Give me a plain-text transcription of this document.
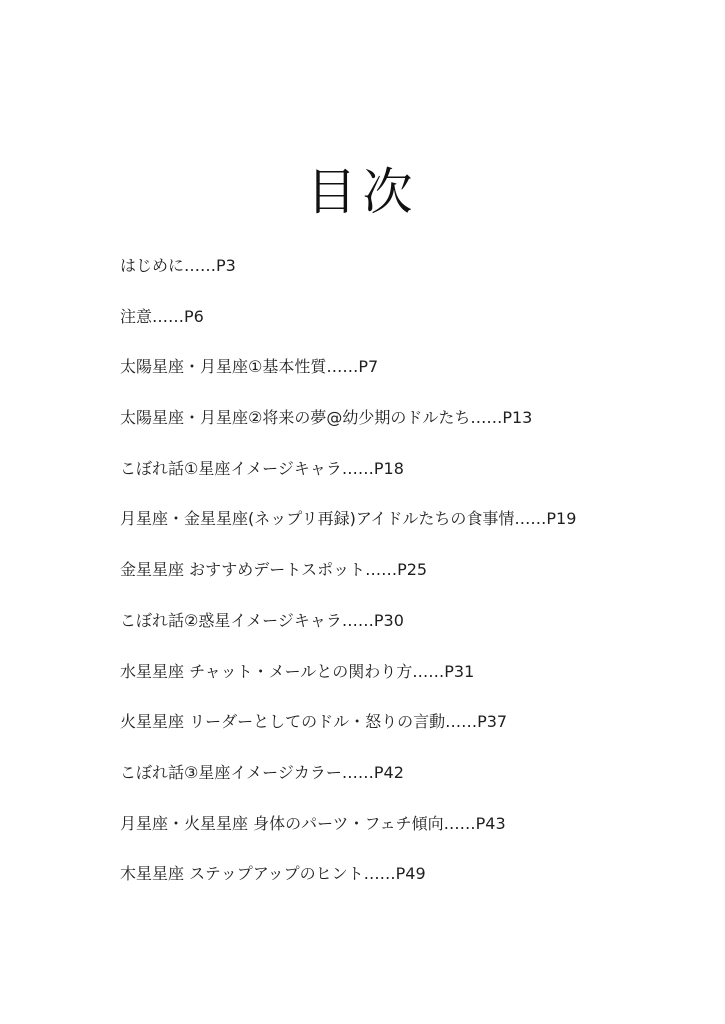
目次
はじめに……P3
注意……P6
太陽星座・月星座①基本性質……P7
太陽星座・月星座②将来の夢@幼少期のドルたち……P13
こぼれ話①星座イメージキャラ……P18
月星座・金星星座(ネップリ再録)アイドルたちの食事情……P19
金星星座 おすすめデートスポット……P25
こぼれ話②惑星イメージキャラ……P30
水星星座 チャット・メールとの関わり方……P31
火星星座 リーダーとしてのドル・怒りの言動……P37
こぼれ話③星座イメージカラー……P42
月星座・火星星座 身体のパーツ・フェチ傾向……P43
木星星座 ステップアップのヒント……P49
